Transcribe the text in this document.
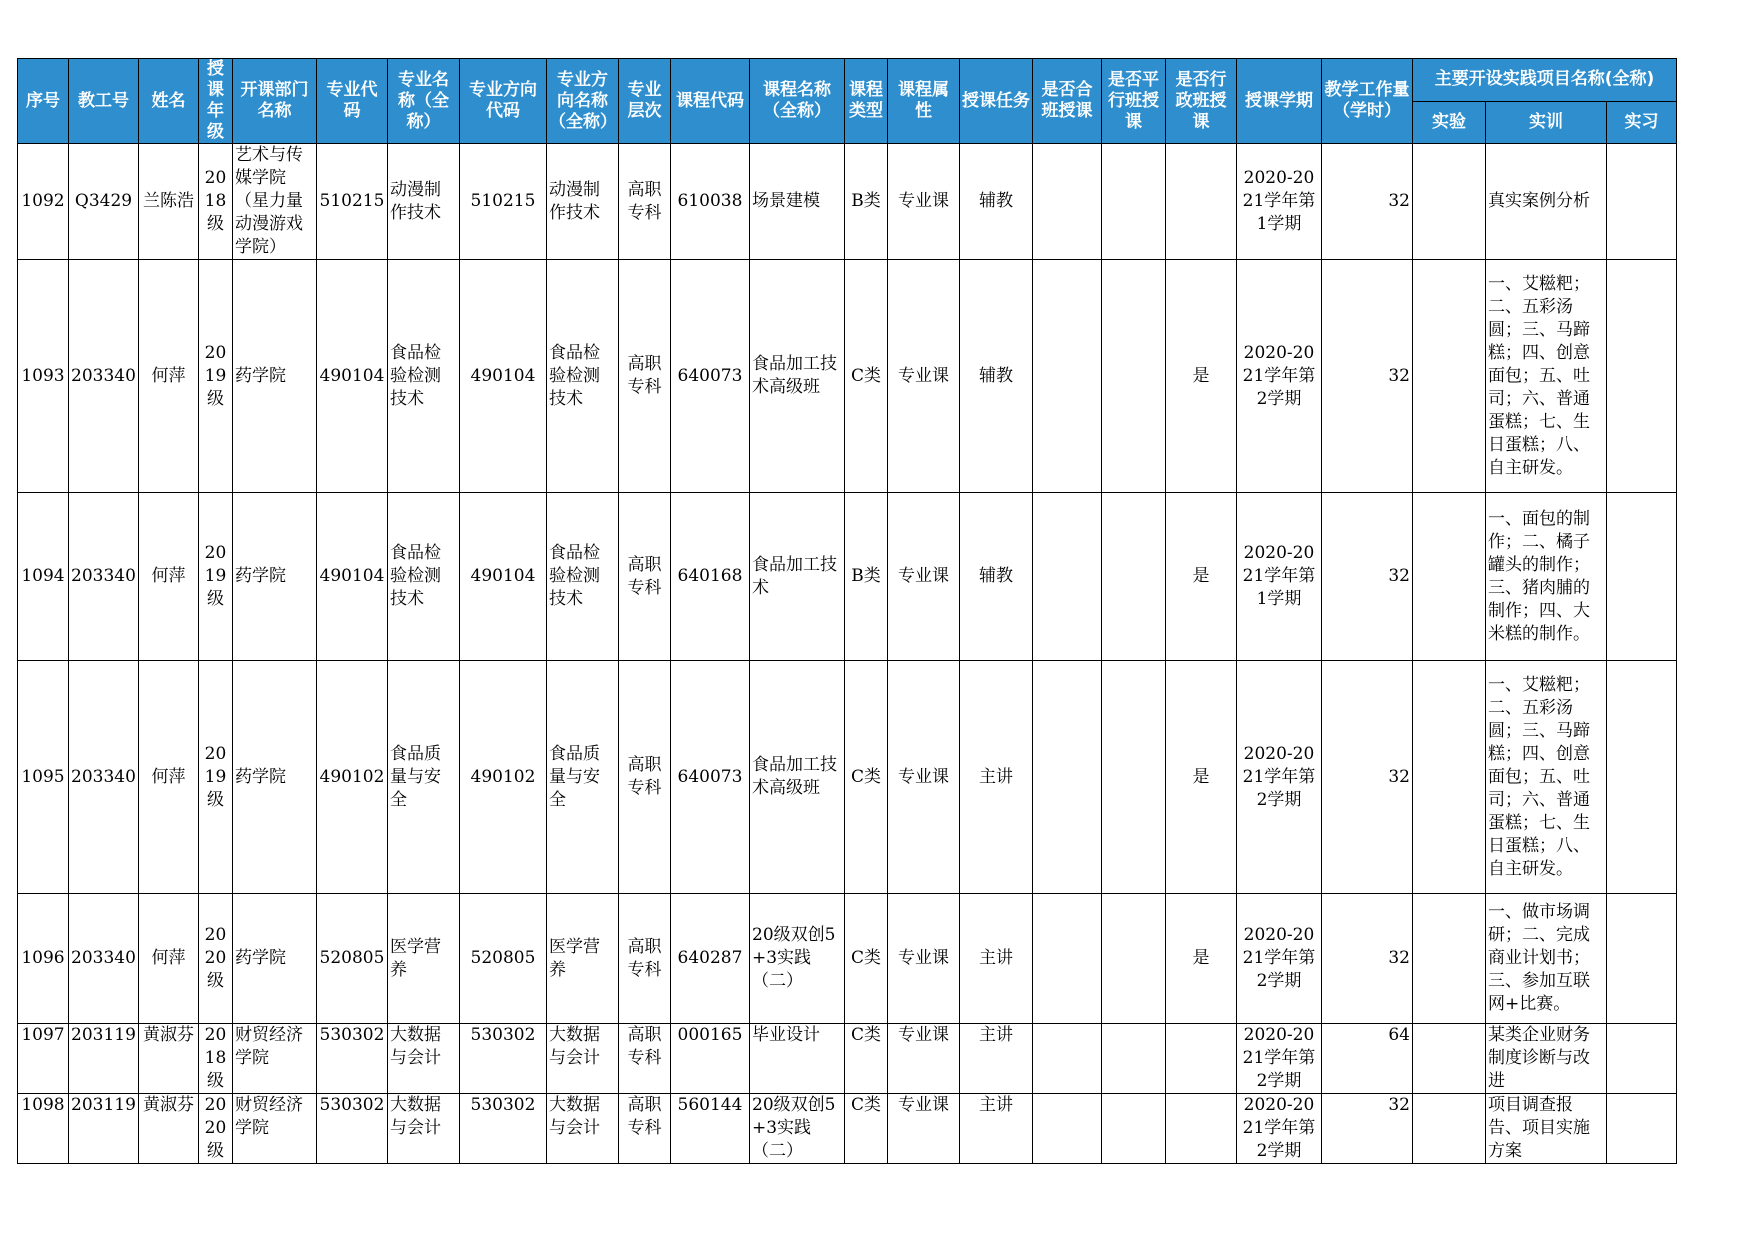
序号	教工号	姓名	授课年级	开课部门名称	专业代码	专业名称（全称）	专业方向代码	专业方向名称（全称）	专业层次	课程代码	课程名称（全称）	课程类型	课程属性	授课任务	是否合班授课	是否平行班授课	是否行政班授课	授课学期	教学工作量（学时）	主要开设实践项目名称(全称)		
																				实验	实训	实习
1092	Q3429	兰陈浩	2018级	艺术与传媒学院（星力量动漫游戏学院）	510215	动漫制作技术	510215	动漫制作技术	高职专科	610038	场景建模	B类	专业课	辅教				2020-2021学年第1学期	32		真实案例分析	
1093	203340	何萍	2019级	药学院	490104	食品检验检测技术	490104	食品检验检测技术	高职专科	640073	食品加工技术高级班	C类	专业课	辅教			是	2020-2021学年第2学期	32		一、艾糍粑；二、五彩汤圆；三、马蹄糕；四、创意面包；五、吐司；六、普通蛋糕；七、生日蛋糕；八、自主研发。	
1094	203340	何萍	2019级	药学院	490104	食品检验检测技术	490104	食品检验检测技术	高职专科	640168	食品加工技术	B类	专业课	辅教			是	2020-2021学年第1学期	32		一、面包的制作；二、橘子罐头的制作；三、猪肉脯的制作；四、大米糕的制作。	
1095	203340	何萍	2019级	药学院	490102	食品质量与安全	490102	食品质量与安全	高职专科	640073	食品加工技术高级班	C类	专业课	主讲			是	2020-2021学年第2学期	32		一、艾糍粑；二、五彩汤圆；三、马蹄糕；四、创意面包；五、吐司；六、普通蛋糕；七、生日蛋糕；八、自主研发。	
1096	203340	何萍	2020级	药学院	520805	医学营养	520805	医学营养	高职专科	640287	20级双创5+3实践（二）	C类	专业课	主讲			是	2020-2021学年第2学期	32		一、做市场调研；二、完成商业计划书；三、参加互联网+比赛。	
1097	203119	黄淑芬	2018级	财贸经济学院	530302	大数据与会计	530302	大数据与会计	高职专科	000165	毕业设计	C类	专业课	主讲				2020-2021学年第2学期	64		某类企业财务制度诊断与改进	
1098	203119	黄淑芬	2020级	财贸经济学院	530302	大数据与会计	530302	大数据与会计	高职专科	560144	20级双创5+3实践（二）	C类	专业课	主讲				2020-2021学年第2学期	32		项目调查报告、项目实施方案	
